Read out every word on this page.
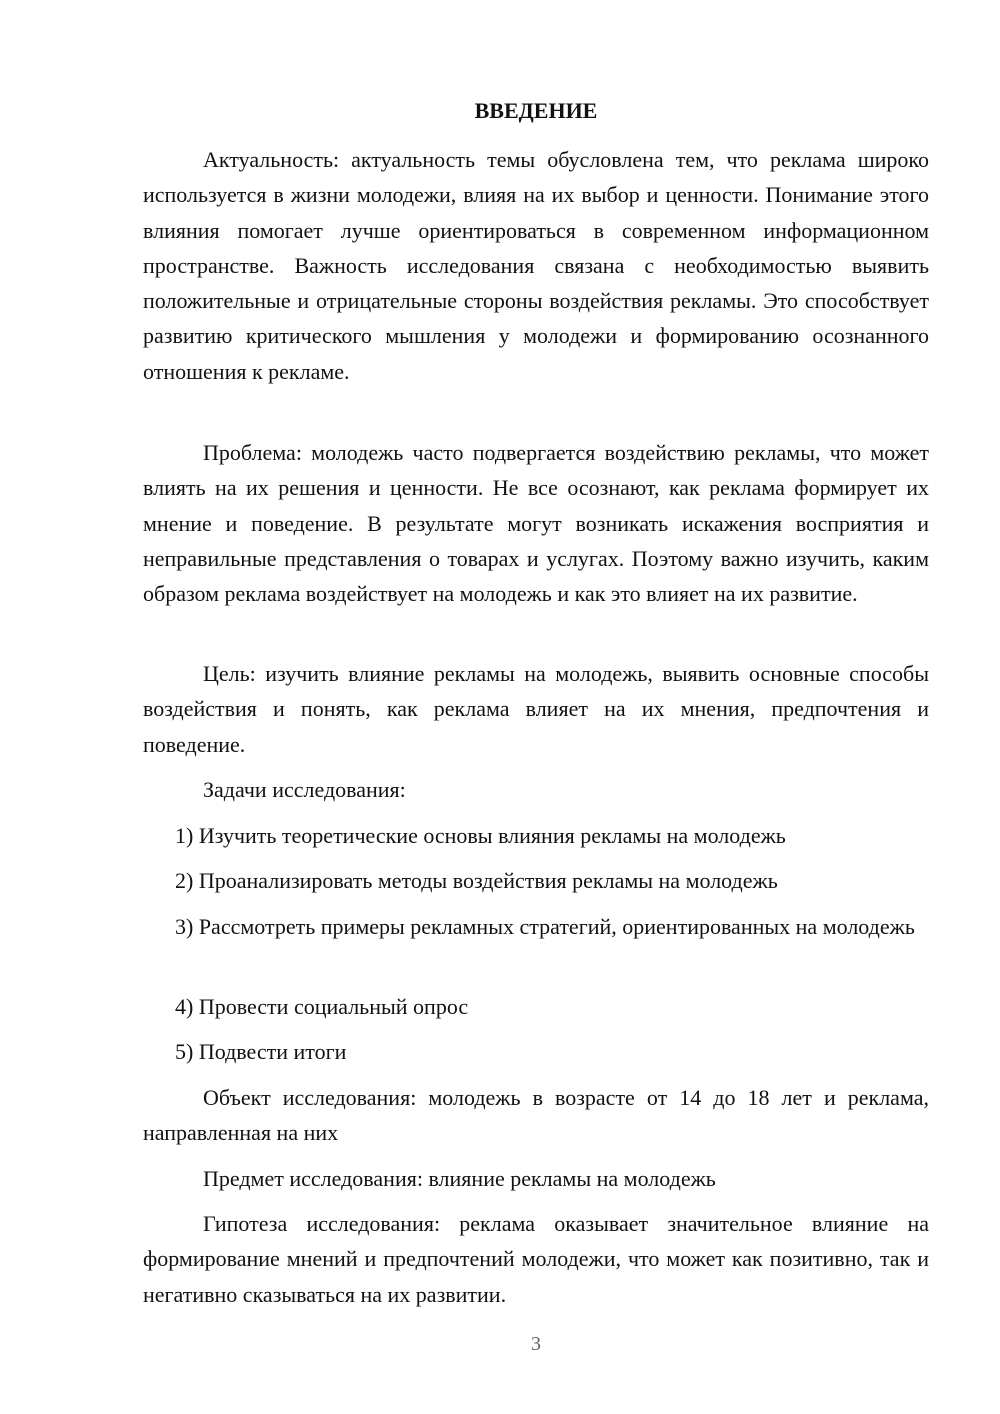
ВВЕДЕНИЕ

Актуальность: актуальность темы обусловлена тем, что реклама широко используется в жизни молодежи, влияя на их выбор и ценности. Понимание этого влияния помогает лучше ориентироваться в современном информационном пространстве. Важность исследования связана с необходимостью выявить положительные и отрицательные стороны воздействия рекламы. Это способствует развитию критического мышления у молодежи и формированию осознанного отношения к рекламе.

Проблема: молодежь часто подвергается воздействию рекламы, что может влиять на их решения и ценности. Не все осознают, как реклама формирует их мнение и поведение. В результате могут возникать искажения восприятия и неправильные представления о товарах и услугах. Поэтому важно изучить, каким образом реклама воздействует на молодежь и как это влияет на их развитие.

Цель: изучить влияние рекламы на молодежь, выявить основные способы воздействия и понять, как реклама влияет на их мнения, предпочтения и поведение.

Задачи исследования:

1) Изучить теоретические основы влияния рекламы на молодежь

2) Проанализировать методы воздействия рекламы на молодежь

3) Рассмотреть примеры рекламных стратегий, ориентированных на молодежь

4) Провести социальный опрос

5) Подвести итоги

Объект исследования: молодежь в возрасте от 14 до 18 лет и реклама, направленная на них

Предмет исследования: влияние рекламы на молодежь

Гипотеза исследования: реклама оказывает значительное влияние на формирование мнений и предпочтений молодежи, что может как позитивно, так и негативно сказываться на их развитии.

3
